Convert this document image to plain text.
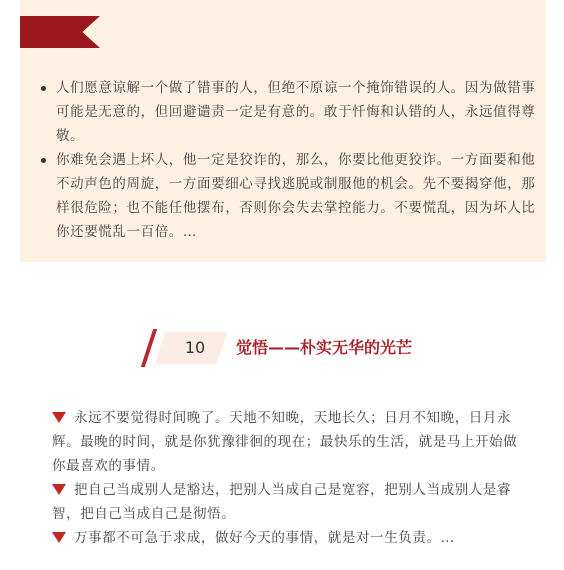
人们愿意谅解一个做了错事的人，但绝不原谅一个掩饰错误的人。因为做错事可能是无意的，但回避谴责一定是有意的。敢于忏悔和认错的人，永远值得尊敬。
你难免会遇上坏人，他一定是狡诈的，那么，你要比他更狡诈。一方面要和他不动声色的周旋，一方面要细心寻找逃脱或制服他的机会。先不要揭穿他，那样很危险；也不能任他摆布，否则你会失去掌控能力。不要慌乱，因为坏人比你还要慌乱一百倍。…
10	觉悟——朴实无华的光芒

永远不要觉得时间晚了。天地不知晚，天地长久；日月不知晚，日月永辉。最晚的时间，就是你犹豫徘徊的现在；最快乐的生活，就是马上开始做你最喜欢的事情。

把自己当成别人是豁达，把别人当成自己是宽容，把别人当成别人是睿智，把自己当成自己是彻悟。

万事都不可急于求成，做好今天的事情，就是对一生负责。…
